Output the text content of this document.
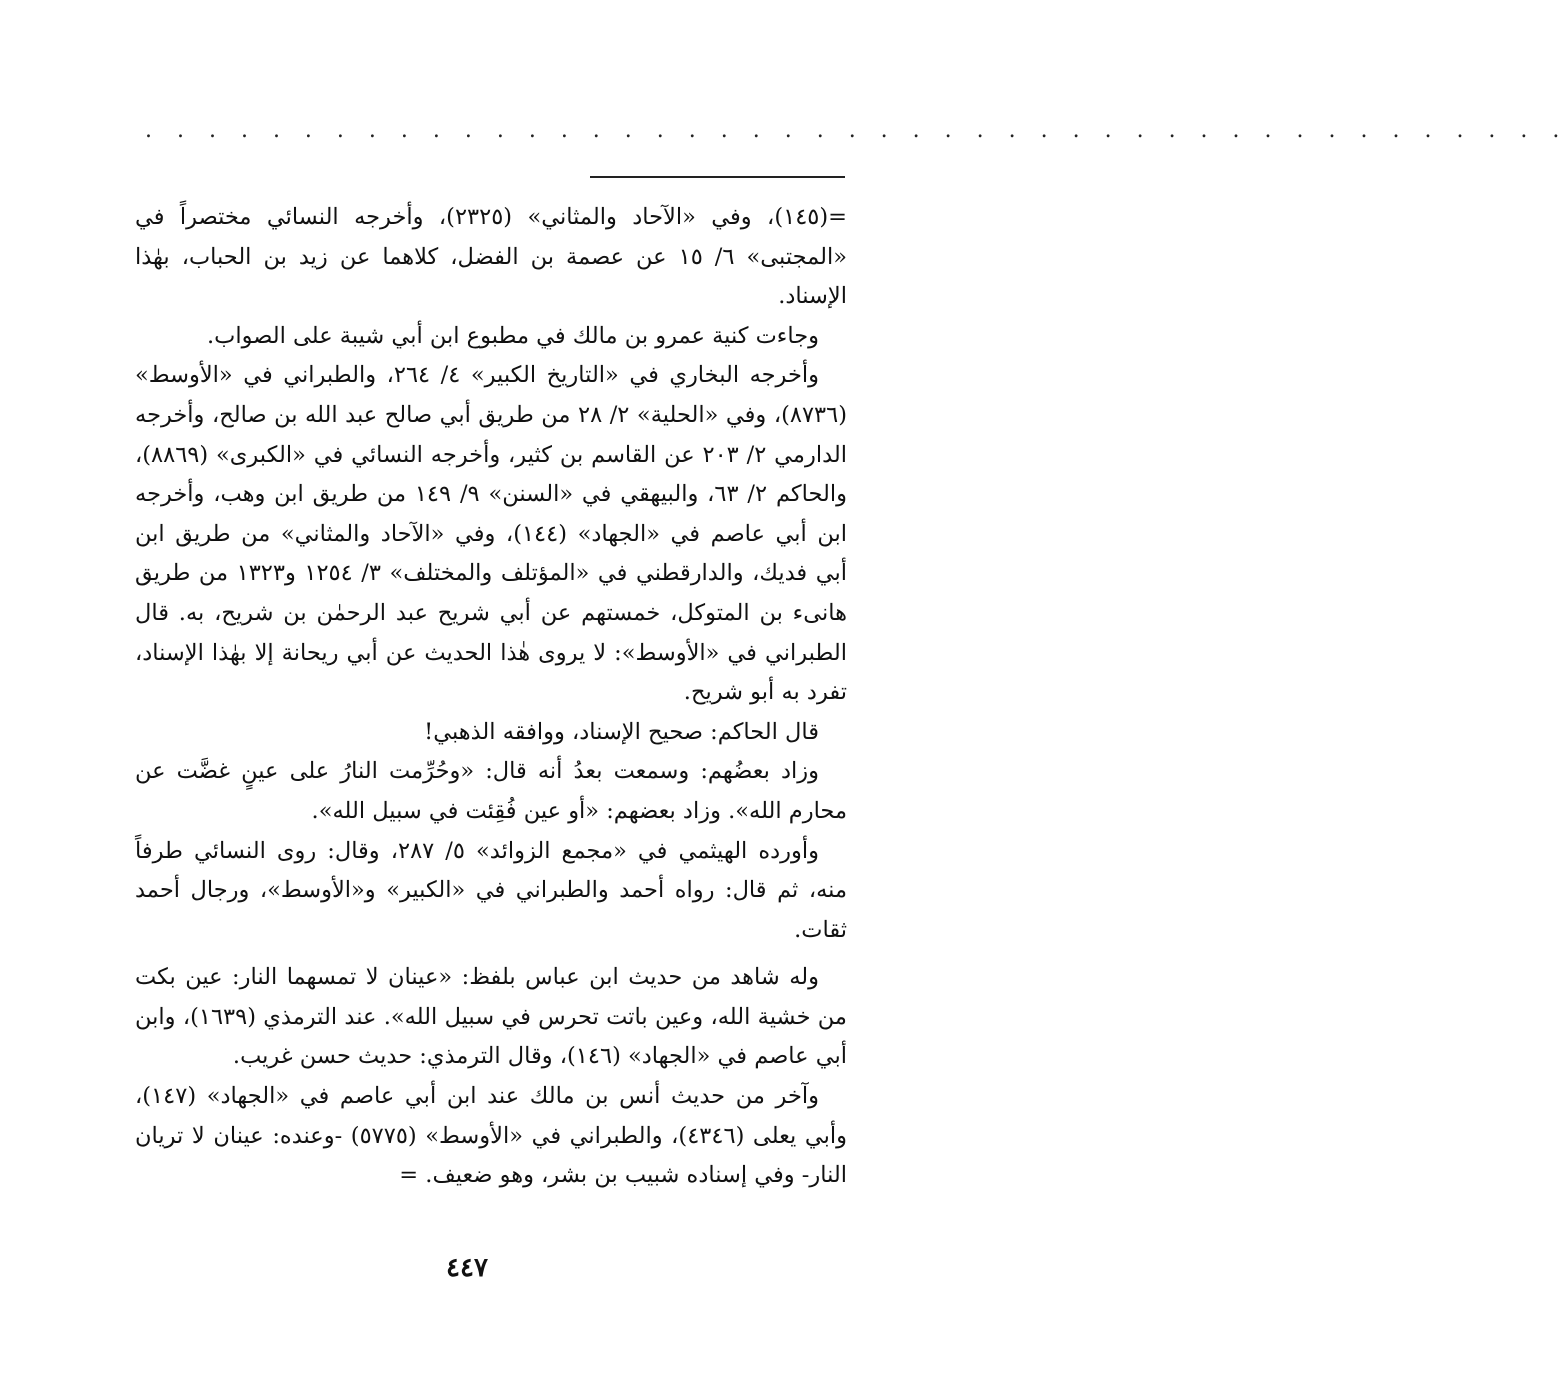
. . . . . . . . . . . . . . . . . . . . . . . . . . . . . . . . . . . . . . . . . . . . .

=(١٤٥)، وفي «الآحاد والمثاني» (٢٣٢٥)، وأخرجه النسائي مختصراً في «المجتبى» ٦/ ١٥ عن عصمة بن الفضل، كلاهما عن زيد بن الحباب، بهٰذا الإسناد.

وجاءت كنية عمرو بن مالك في مطبوع ابن أبي شيبة على الصواب.

وأخرجه البخاري في «التاريخ الكبير» ٤/ ٢٦٤، والطبراني في «الأوسط» (٨٧٣٦)، وفي «الحلية» ٢/ ٢٨ من طريق أبي صالح عبد الله بن صالح، وأخرجه الدارمي ٢/ ٢٠٣ عن القاسم بن كثير، وأخرجه النسائي في «الكبرى» (٨٨٦٩)، والحاكم ٢/ ٦٣، والبيهقي في «السنن» ٩/ ١٤٩ من طريق ابن وهب، وأخرجه ابن أبي عاصم في «الجهاد» (١٤٤)، وفي «الآحاد والمثاني» من طريق ابن أبي فديك، والدارقطني في «المؤتلف والمختلف» ٣/ ١٢٥٤ و١٣٢٣ من طريق هانىء بن المتوكل، خمستهم عن أبي شريح عبد الرحمٰن بن شريح، به. قال الطبراني في «الأوسط»: لا يروى هٰذا الحديث عن أبي ريحانة إلا بهٰذا الإسناد، تفرد به أبو شريح.

قال الحاكم: صحيح الإسناد، ووافقه الذهبي!

وزاد بعضُهم: وسمعت بعدُ أنه قال: «وحُرِّمت النارُ على عينٍ غضَّت عن محارم الله». وزاد بعضهم: «أو عين فُقِئت في سبيل الله».

وأورده الهيثمي في «مجمع الزوائد» ٥/ ٢٨٧، وقال: روى النسائي طرفاً منه، ثم قال: رواه أحمد والطبراني في «الكبير» و«الأوسط»، ورجال أحمد ثقات.

وله شاهد من حديث ابن عباس بلفظ: «عينان لا تمسهما النار: عين بكت من خشية الله، وعين باتت تحرس في سبيل الله». عند الترمذي (١٦٣٩)، وابن أبي عاصم في «الجهاد» (١٤٦)، وقال الترمذي: حديث حسن غريب.

وآخر من حديث أنس بن مالك عند ابن أبي عاصم في «الجهاد» (١٤٧)، وأبي يعلى (٤٣٤٦)، والطبراني في «الأوسط» (٥٧٧٥) -وعنده: عينان لا تريان النار- وفي إسناده شبيب بن بشر، وهو ضعيف. =

٤٤٧
